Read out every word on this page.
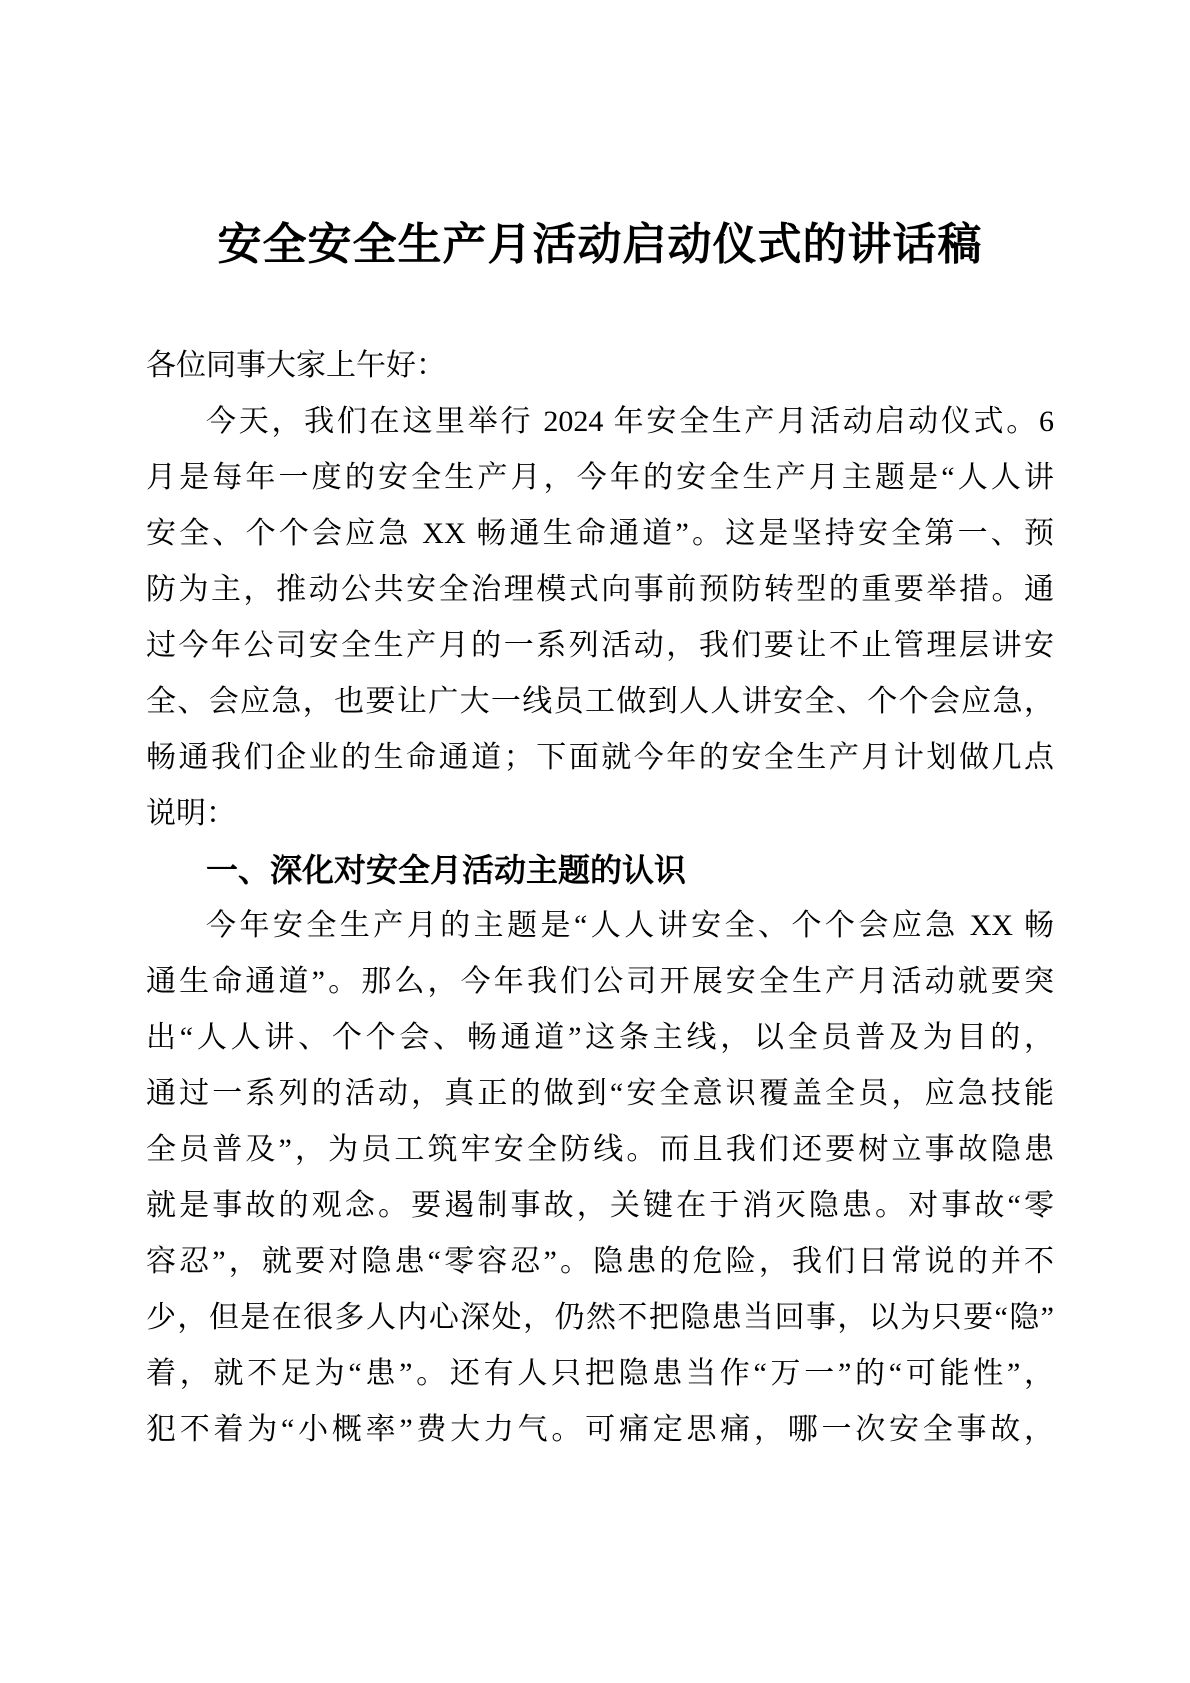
安全安全生产月活动启动仪式的讲话稿
各位同事大家上午好：
今天，我们在这里举行 2024 年安全生产月活动启动仪式。6
月是每年一度的安全生产月，今年的安全生产月主题是“人人讲
安全、个个会应急 XX 畅通生命通道”。这是坚持安全第一、预
防为主，推动公共安全治理模式向事前预防转型的重要举措。通
过今年公司安全生产月的一系列活动，我们要让不止管理层讲安
全、会应急，也要让广大一线员工做到人人讲安全、个个会应急，
畅通我们企业的生命通道；下面就今年的安全生产月计划做几点
说明：
一、深化对安全月活动主题的认识
今年安全生产月的主题是“人人讲安全、个个会应急 XX 畅
通生命通道”。那么，今年我们公司开展安全生产月活动就要突
出“人人讲、个个会、畅通道”这条主线，以全员普及为目的，
通过一系列的活动，真正的做到“安全意识覆盖全员，应急技能
全员普及”，为员工筑牢安全防线。而且我们还要树立事故隐患
就是事故的观念。要遏制事故，关键在于消灭隐患。对事故“零
容忍”，就要对隐患“零容忍”。隐患的危险，我们日常说的并不
少，但是在很多人内心深处，仍然不把隐患当回事，以为只要“隐”
着，就不足为“患”。还有人只把隐患当作“万一”的“可能性”，
犯不着为“小概率”费大力气。可痛定思痛，哪一次安全事故，
